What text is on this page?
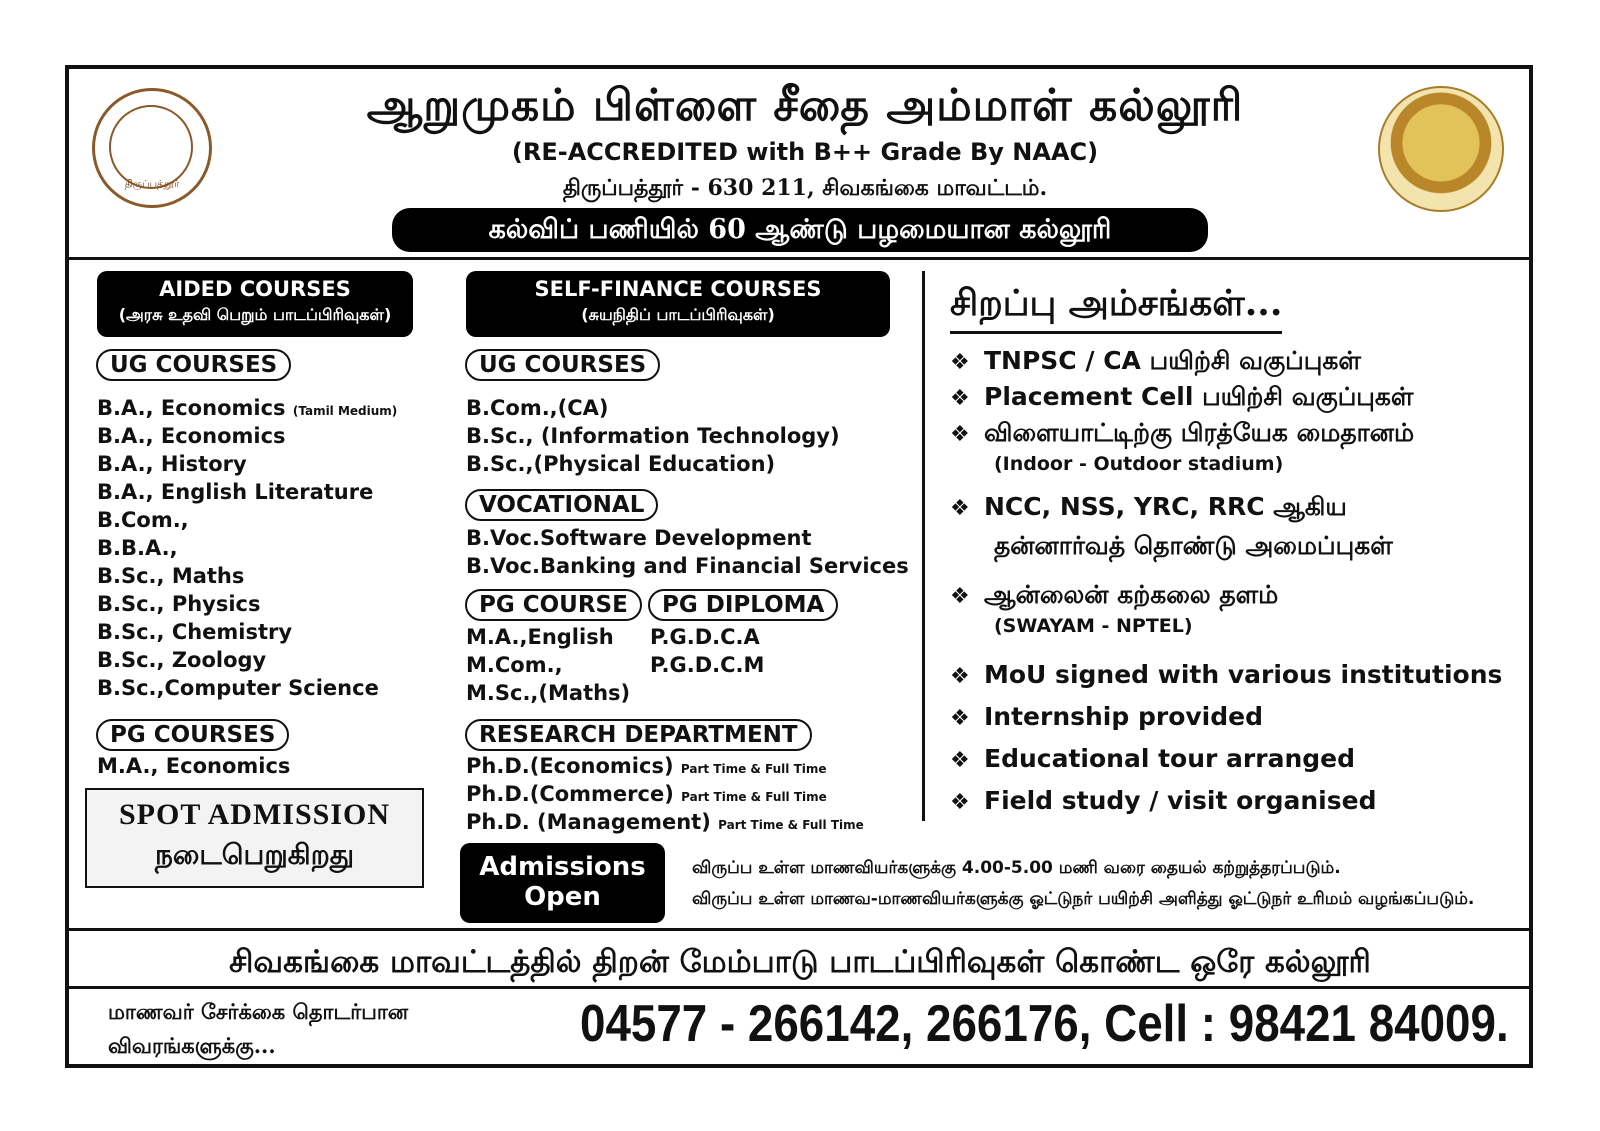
திருப்பத்தூர்
ஆறுமுகம் பிள்ளை சீதை அம்மாள் கல்லூரி
(RE-ACCREDITED with B++ Grade By NAAC)
திருப்பத்தூர் - 630 211, சிவகங்கை மாவட்டம்.
கல்விப் பணியில் 60 ஆண்டு பழமையான கல்லூரி
AIDED COURSES
(அரசு உதவி பெறும் பாடப்பிரிவுகள்)
UG COURSES
B.A., Economics (Tamil Medium)
B.A., Economics
B.A., History
B.A., English Literature
B.Com.,
B.B.A.,
B.Sc., Maths
B.Sc., Physics
B.Sc., Chemistry
B.Sc., Zoology
B.Sc.,Computer Science
PG COURSES
M.A., Economics
SPOT ADMISSION
நடைபெறுகிறது
SELF-FINANCE COURSES
(சுயநிதிப் பாடப்பிரிவுகள்)
UG COURSES
B.Com.,(CA)
B.Sc., (Information Technology)
B.Sc.,(Physical Education)
VOCATIONAL
B.Voc.Software Development
B.Voc.Banking and Financial Services
PG COURSE	PG DIPLOMA
M.A.,English
M.Com.,
M.Sc.,(Maths)
P.G.D.C.A
P.G.D.C.M
RESEARCH DEPARTMENT
Ph.D.(Economics) Part Time & Full Time
Ph.D.(Commerce) Part Time & Full Time
Ph.D. (Management) Part Time & Full Time
Admissions
Open
விருப்ப உள்ள மாணவியர்களுக்கு 4.00-5.00 மணி வரை தையல் கற்றுத்தரப்படும்.
விருப்ப உள்ள மாணவ-மாணவியர்களுக்கு ஓட்டுநர் பயிற்சி அளித்து ஓட்டுநர் உரிமம் வழங்கப்படும்.
சிறப்பு அம்சங்கள்...
❖ TNPSC / CA பயிற்சி வகுப்புகள்
❖ Placement Cell பயிற்சி வகுப்புகள்
❖ விளையாட்டிற்கு பிரத்யேக மைதானம்
(Indoor - Outdoor stadium)
❖ NCC, NSS, YRC, RRC ஆகிய
தன்னார்வத் தொண்டு அமைப்புகள்
❖ ஆன்லைன் கற்கலை தளம்
(SWAYAM - NPTEL)
❖ MoU signed with various institutions
❖ Internship provided
❖ Educational tour arranged
❖ Field study / visit organised
சிவகங்கை மாவட்டத்தில் திறன் மேம்பாடு பாடப்பிரிவுகள் கொண்ட ஒரே கல்லூரி
மாணவர் சேர்க்கை தொடர்பான
விவரங்களுக்கு...	04577 - 266142, 266176, Cell : 98421 84009.
